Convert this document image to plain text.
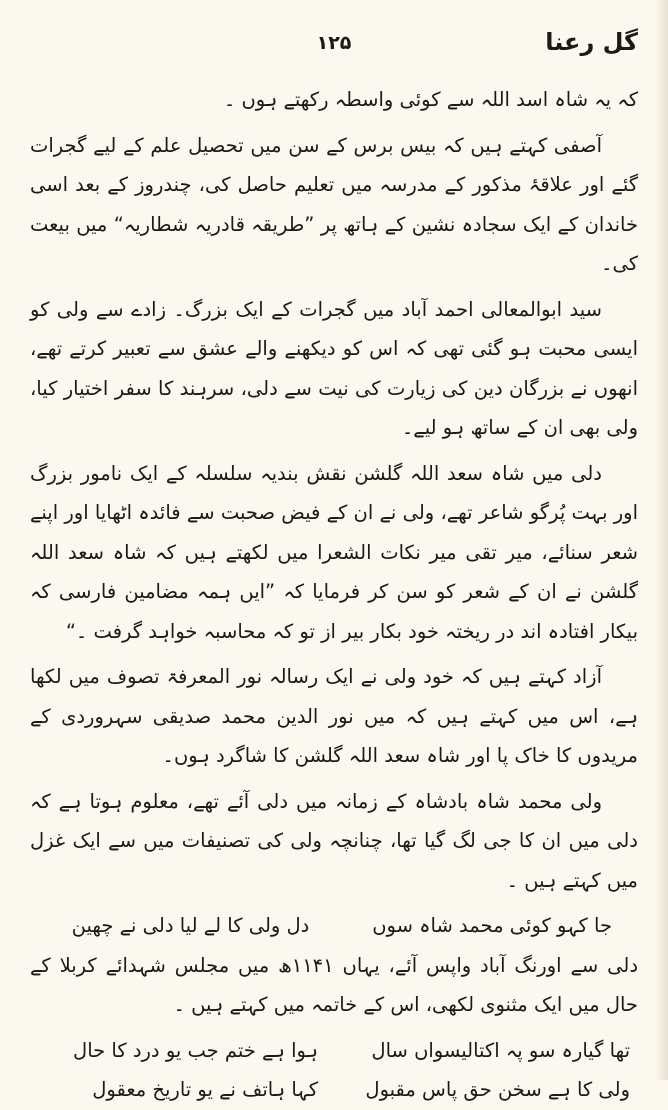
گل رعنا
۱۲۵

کہ یہ شاہ اسد اللہ سے کوئی واسطہ رکھتے ہوں ۔

آصفی کہتے ہیں کہ بیس برس کے سن میں تحصیل علم کے لیے گجرات گئے اور علاقۂ مذکور کے مدرسہ میں تعلیم حاصل کی، چندروز کے بعد اسی خاندان کے ایک سجادہ نشین کے ہاتھ پر ”طریقہ قادریہ شطاریہ“ میں بیعت کی۔

سید ابوالمعالی احمد آباد میں گجرات کے ایک بزرگ۔ زادے سے ولی کو ایسی محبت ہو گئی تھی کہ اس کو دیکھنے والے عشق سے تعبیر کرتے تھے، انھوں نے بزرگان دین کی زیارت کی نیت سے دلی، سرہند کا سفر اختیار کیا، ولی بھی ان کے ساتھ ہو لیے۔

دلی میں شاہ سعد اللہ گلشن نقش بندیہ سلسلہ کے ایک نامور بزرگ اور بہت پُرگو شاعر تھے، ولی نے ان کے فیض صحبت سے فائدہ اٹھایا اور اپنے شعر سنائے، میر تقی میر نکات الشعرا میں لکھتے ہیں کہ شاہ سعد اللہ گلشن نے ان کے شعر کو سن کر فرمایا کہ ”ایں ہمہ مضامین فارسی کہ بیکار افتادہ اند در ریختہ خود بکار بیر از تو کہ محاسبہ خواہد گرفت ۔“

آزاد کہتے ہیں کہ خود ولی نے ایک رسالہ نور المعرفۃ تصوف میں لکھا ہے، اس میں کہتے ہیں کہ میں نور الدین محمد صدیقی سہروردی کے مریدوں کا خاک پا اور شاہ سعد اللہ گلشن کا شاگرد ہوں۔

ولی محمد شاہ بادشاہ کے زمانہ میں دلی آئے تھے، معلوم ہوتا ہے کہ دلی میں ان کا جی لگ گیا تھا، چنانچہ ولی کی تصنیفات میں سے ایک غزل میں کہتے ہیں ۔

دل ولی کا لے لیا دلی نے چھین	جا کہو کوئی محمد شاہ سوں

دلی سے اورنگ آباد واپس آئے، یہاں ۱۱۴۱ھ میں مجلس شہدائے کربلا کے حال میں ایک مثنوی لکھی، اس کے خاتمہ میں کہتے ہیں ۔

ہوا ہے ختم جب یو درد کا حال	تھا گیارہ سو پہ اکتالیسواں سال
کہا ہاتف نے یو تاریخ معقول	ولی کا ہے سخن حق پاس مقبول
